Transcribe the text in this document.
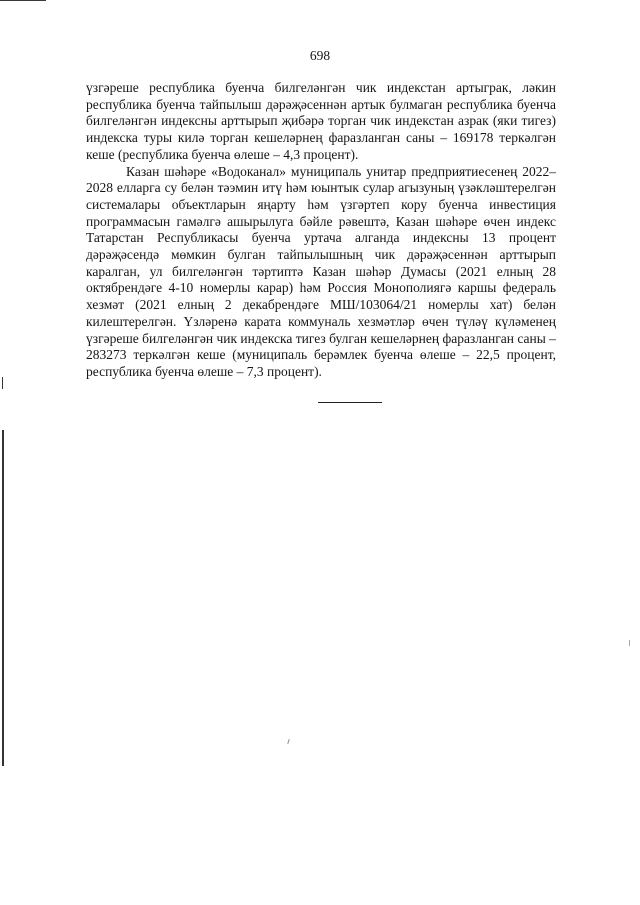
698

үзгәреше республика буенча билгеләнгән чик индекстан артыграк, ләкин республика буенча тайпылыш дәрәҗәсеннән артык булмаган республика буенча билгеләнгән индексны арттырып җибәрә торган чик индекстан азрак (яки тигез) индекска туры килә торган кешеләрнең фаразланган саны – 169178 теркәлгән кеше (республика буенча өлеше – 4,3 процент).

Казан шәһәре «Водоканал» муниципаль унитар предприятиесенең 2022–2028 елларга су белән тәэмин итү һәм юынтык сулар агызуның үзәкләштерелгән системалары объектларын яңарту һәм үзгәртеп кору буенча инвестиция программасын гамәлгә ашырылуга бәйле рәвештә, Казан шәһәре өчен индекс Татарстан Республикасы буенча уртача алганда индексны 13 процент дәрәҗәсендә мөмкин булган тайпылышның чик дәрәҗәсеннән арттырып каралган, ул билгеләнгән тәртиптә Казан шәһәр Думасы (2021 елның 28 октябрендәге 4-10 номерлы карар) һәм Россия Монополиягә каршы федераль хезмәт (2021 елның 2 декабрендәге МШ/103064/21 номерлы хат) белән килештерелгән. Үзләренә карата коммуналь хезмәтләр өчен түләү күләменең үзгәреше билгеләнгән чик индекска тигез булган кешеләрнең фаразланган саны – 283273 теркәлгән кеше (муниципаль берәмлек буенча өлеше – 22,5 процент, республика буенча өлеше – 7,3 процент).
